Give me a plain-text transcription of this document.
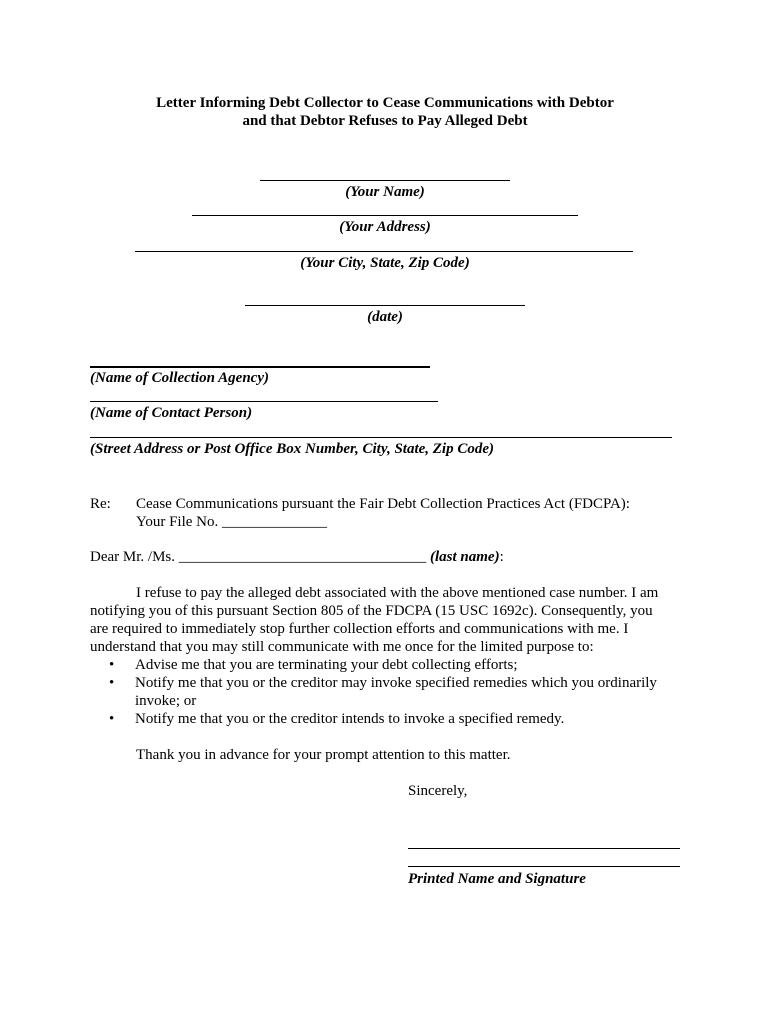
Letter Informing Debt Collector to Cease Communications with Debtor
and that Debtor Refuses to Pay Alleged Debt
(Your Name)
(Your Address)
(Your City, State, Zip Code)
(date)
(Name of Collection Agency)
(Name of Contact Person)
(Street Address or Post Office Box Number, City, State, Zip Code)
Re: Cease Communications pursuant the Fair Debt Collection Practices Act (FDCPA):
Your File No. ______________
Dear Mr. /Ms. _________________________________ (last name):
I refuse to pay the alleged debt associated with the above mentioned case number. I am notifying you of this pursuant Section 805 of the FDCPA (15 USC 1692c). Consequently, you are required to immediately stop further collection efforts and communications with me. I understand that you may still communicate with me once for the limited purpose to:
•	Advise me that you are terminating your debt collecting efforts;
•	Notify me that you or the creditor may invoke specified remedies which you ordinarily invoke; or
•	Notify me that you or the creditor intends to invoke a specified remedy.
Thank you in advance for your prompt attention to this matter.
Sincerely,
Printed Name and Signature
